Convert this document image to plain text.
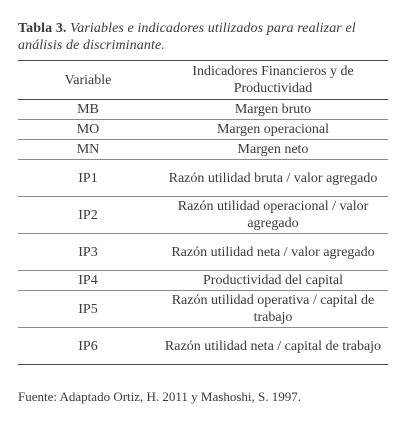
Tabla 3. Variables e indicadores utilizados para realizar el análisis de discriminante.
Variable	Indicadores Financieros y de Productividad
MB	Margen bruto
MO	Margen operacional
MN	Margen neto
IP1	Razón utilidad bruta / valor agregado
IP2	Razón utilidad operacional / valor agregado
IP3	Razón utilidad neta / valor agregado
IP4	Productividad del capital
IP5	Razón utilidad operativa / capital de trabajo
IP6	Razón utilidad neta / capital de trabajo
Fuente: Adaptado Ortiz, H. 2011 y Mashoshi, S. 1997.
